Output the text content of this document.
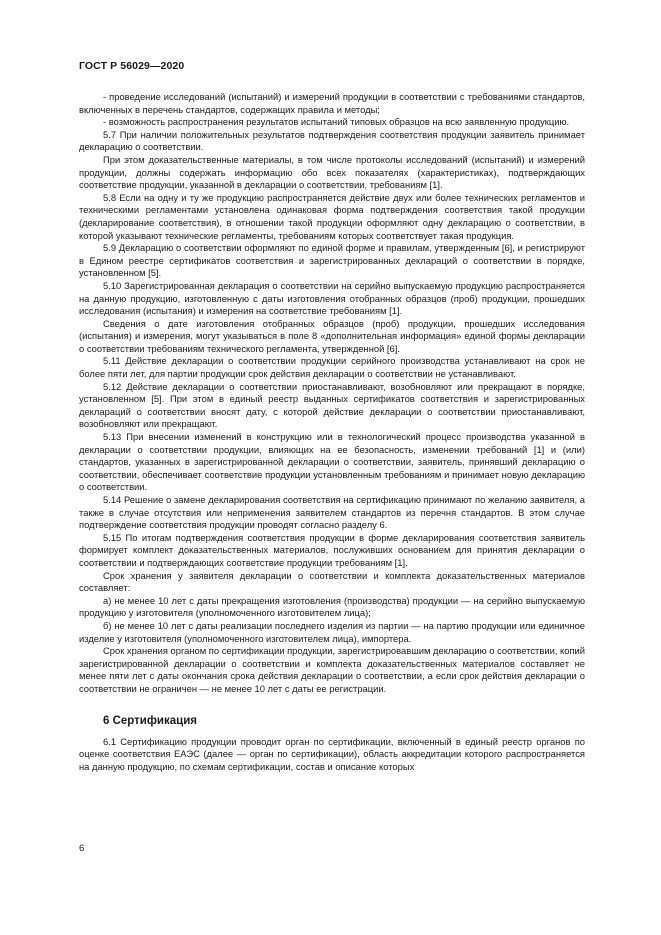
ГОСТ Р 56029—2020

- проведение исследований (испытаний) и измерений продукции в соответствии с требованиями стандартов, включенных в перечень стандартов, содержащих правила и методы;

- возможность распространения результатов испытаний типовых образцов на всю заявленную продукцию.

5.7 При наличии положительных результатов подтверждения соответствия продукции заявитель принимает декларацию о соответствии.

При этом доказательственные материалы, в том числе протоколы исследований (испытаний) и измерений продукции, должны содержать информацию обо всех показателях (характеристиках), подтверждающих соответствие продукции, указанной в декларации о соответствии, требованиям [1].

5.8 Если на одну и ту же продукцию распространяется действие двух или более технических регламентов и техническими регламентами установлена одинаковая форма подтверждения соответствия такой продукции (декларирование соответствия), в отношении такой продукции оформляют одну декларацию о соответствии, в которой указывают технические регламенты, требованиям которых соответствует такая продукция.

5.9 Декларацию о соответствии оформляют по единой форме и правилам, утвержденным [6], и регистрируют в Едином реестре сертификатов соответствия и зарегистрированных деклараций о соответствии в порядке, установленном [5].

5.10 Зарегистрированная декларация о соответствии на серийно выпускаемую продукцию распространяется на данную продукцию, изготовленную с даты изготовления отобранных образцов (проб) продукции, прошедших исследования (испытания) и измерения на соответствие требованиям [1].

Сведения о дате изготовления отобранных образцов (проб) продукции, прошедших исследования (испытания) и измерения, могут указываться в поле 8 «дополнительная информация» единой формы декларации о соответствии требованиям технического регламента, утвержденной [6].

5.11 Действие декларации о соответствии продукции серийного производства устанавливают на срок не более пяти лет, для партии продукции срок действия декларации о соответствии не устанавливают.

5.12 Действие декларации о соответствии приостанавливают, возобновляют или прекращают в порядке, установленном [5]. При этом в единый реестр выданных сертификатов соответствия и зарегистрированных деклараций о соответствии вносят дату, с которой действие декларации о соответствии приостанавливают, возобновляют или прекращают.

5.13 При внесении изменений в конструкцию или в технологический процесс производства указанной в декларации о соответствии продукции, влияющих на ее безопасность, изменении требований [1] и (или) стандартов, указанных в зарегистрированной декларации о соответствии, заявитель, принявший декларацию о соответствии, обеспечивает соответствие продукции установленным требованиям и принимает новую декларацию о соответствии.

5.14 Решение о замене декларирования соответствия на сертификацию принимают по желанию заявителя, а также в случае отсутствия или неприменения заявителем стандартов из перечня стандартов. В этом случае подтверждение соответствия продукции проводят согласно разделу 6.

5.15 По итогам подтверждения соответствия продукции в форме декларирования соответствия заявитель формирует комплект доказательственных материалов, послуживших основанием для принятия декларации о соответствии и подтверждающих соответствие продукции требованиям [1].

Срок хранения у заявителя декларации о соответствии и комплекта доказательственных материалов составляет:

а) не менее 10 лет с даты прекращения изготовления (производства) продукции — на серийно выпускаемую продукцию у изготовителя (уполномоченного изготовителем лица);

б) не менее 10 лет с даты реализации последнего изделия из партии — на партию продукции или единичное изделие у изготовителя (уполномоченного изготовителем лица), импортера.

Срок хранения органом по сертификации продукции, зарегистрировавшим декларацию о соответствии, копий зарегистрированной декларации о соответствии и комплекта доказательственных материалов составляет не менее пяти лет с даты окончания срока действия декларации о соответствии, а если срок действия декларации о соответствии не ограничен — не менее 10 лет с даты ее регистрации.

6 Сертификация

6.1 Сертификацию продукции проводит орган по сертификации, включенный в единый реестр органов по оценке соответствия ЕАЭС (далее — орган по сертификации), область аккредитации которого распространяется на данную продукцию, по схемам сертификации, состав и описание которых

6
